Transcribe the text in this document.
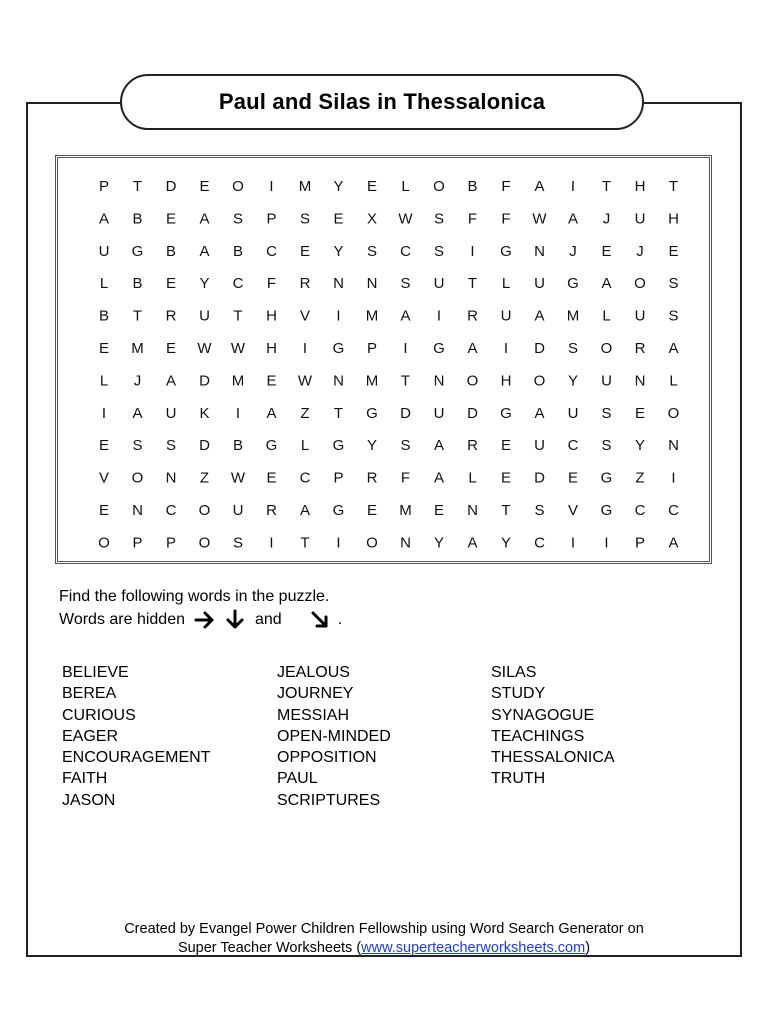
Paul and Silas in Thessalonica
P T D E O I M Y E L O B F A I T H T
A B E A S P S E X W S F F W A J U H
U G B A B C E Y S C S I G N J E J E
L B E Y C F R N N S U T L U G A O S
B T R U T H V I M A I R U A M L U S
E M E W W H I G P I G A I D S O R A
L J A D M E W N M T N O H O Y U N L
I A U K I A Z T G D U D G A U S E O
E S S D B G L G Y S A R E U C S Y N
V O N Z W E C P R F A L E D E G Z I
E N C O U R A G E M E N T S V G C C
O P P O S I T I O N Y A Y C I I P A
Find the following words in the puzzle.
Words are hidden	and	.
BELIEVE
BEREA
CURIOUS
EAGER
ENCOURAGEMENT
FAITH
JASON
JEALOUS
JOURNEY
MESSIAH
OPEN-MINDED
OPPOSITION
PAUL
SCRIPTURES
SILAS
STUDY
SYNAGOGUE
TEACHINGS
THESSALONICA
TRUTH
Created by Evangel Power Children Fellowship using Word Search Generator on
Super Teacher Worksheets (www.superteacherworksheets.com)
